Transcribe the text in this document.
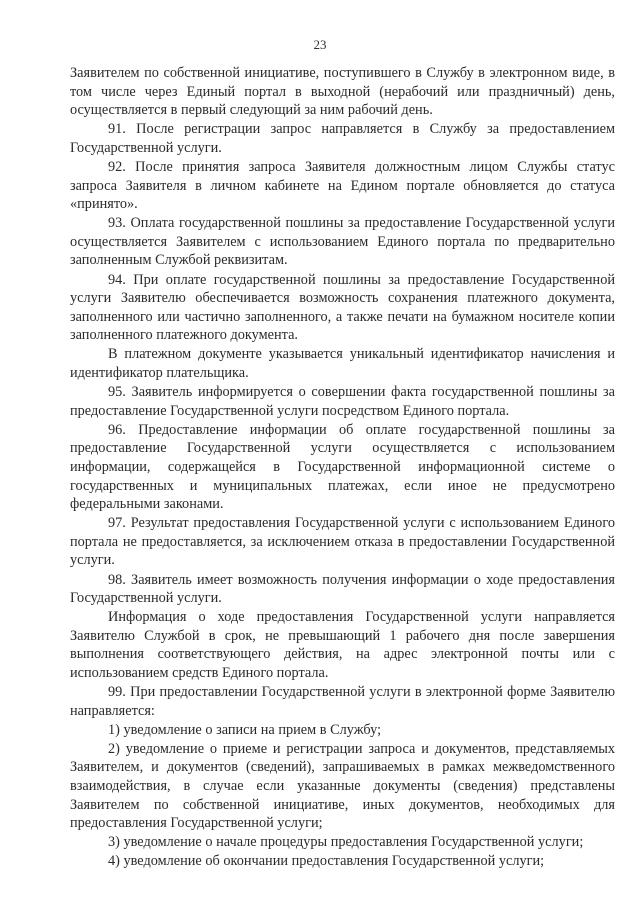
23

Заявителем по собственной инициативе, поступившего в Службу в электронном виде, в том числе через Единый портал в выходной (нерабочий или праздничный) день, осуществляется в первый следующий за ним рабочий день.

91. После регистрации запрос направляется в Службу за предоставлением Государственной услуги.

92. После принятия запроса Заявителя должностным лицом Службы статус запроса Заявителя в личном кабинете на Едином портале обновляется до статуса «принято».

93. Оплата государственной пошлины за предоставление Государственной услуги осуществляется Заявителем с использованием Единого портала по предварительно заполненным Службой реквизитам.

94. При оплате государственной пошлины за предоставление Государственной услуги Заявителю обеспечивается возможность сохранения платежного документа, заполненного или частично заполненного, а также печати на бумажном носителе копии заполненного платежного документа.

В платежном документе указывается уникальный идентификатор начисления и идентификатор плательщика.

95. Заявитель информируется о совершении факта государственной пошлины за предоставление Государственной услуги посредством Единого портала.

96. Предоставление информации об оплате государственной пошлины за предоставление Государственной услуги осуществляется с использованием информации, содержащейся в Государственной информационной системе о государственных и муниципальных платежах, если иное не предусмотрено федеральными законами.

97. Результат предоставления Государственной услуги с использованием Единого портала не предоставляется, за исключением отказа в предоставлении Государственной услуги.

98. Заявитель имеет возможность получения информации о ходе предоставления Государственной услуги.

Информация о ходе предоставления Государственной услуги направляется Заявителю Службой в срок, не превышающий 1 рабочего дня после завершения выполнения соответствующего действия, на адрес электронной почты или с использованием средств Единого портала.

99. При предоставлении Государственной услуги в электронной форме Заявителю направляется:

1) уведомление о записи на прием в Службу;

2) уведомление о приеме и регистрации запроса и документов, представляемых Заявителем, и документов (сведений), запрашиваемых в рамках межведомственного взаимодействия, в случае если указанные документы (сведения) представлены Заявителем по собственной инициативе, иных документов, необходимых для предоставления Государственной услуги;

3) уведомление о начале процедуры предоставления Государственной услуги;

4) уведомление об окончании предоставления Государственной услуги;
